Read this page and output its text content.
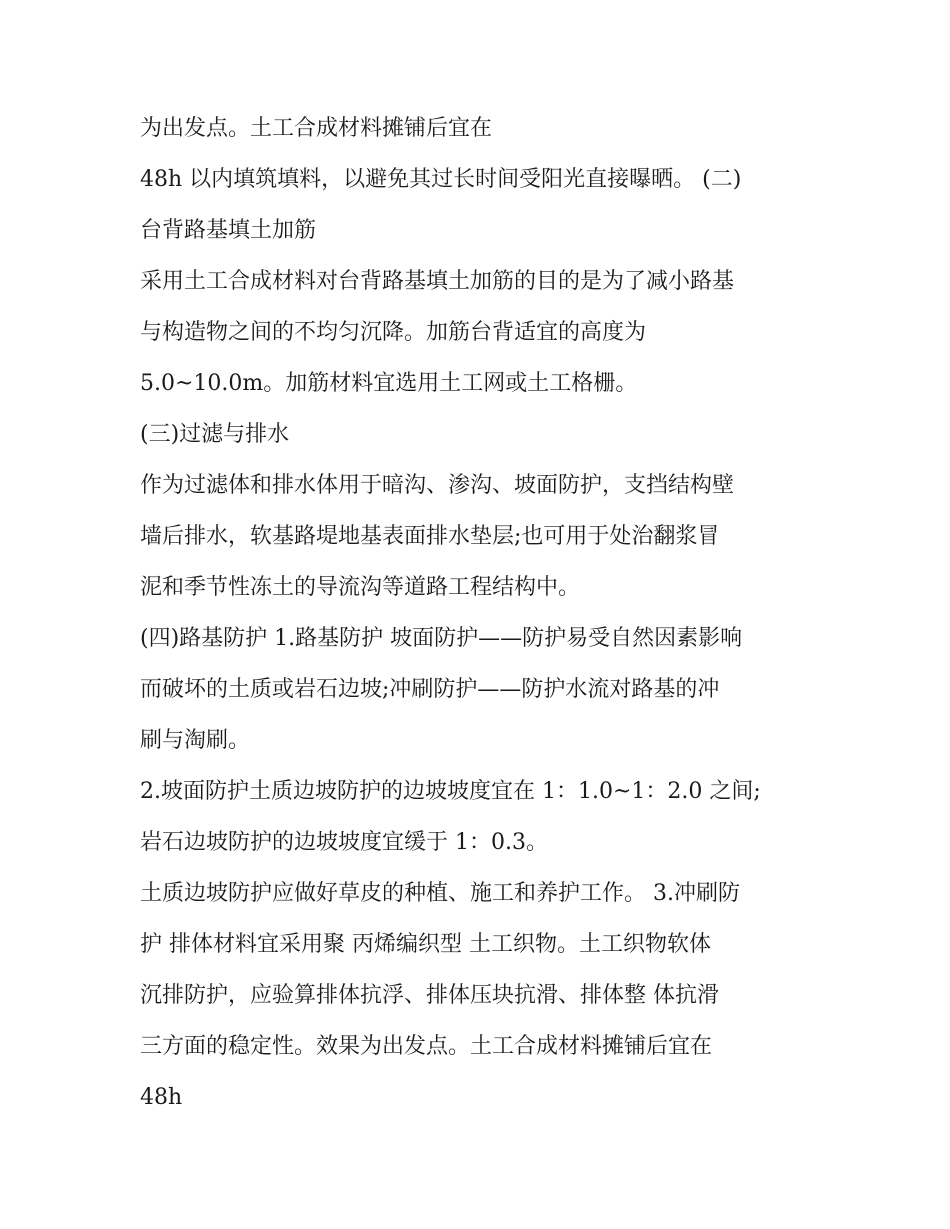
为出发点。土工合成材料摊铺后宜在
48h 以内填筑填料，以避免其过长时间受阳光直接曝晒。 (二)
台背路基填土加筋
采用土工合成材料对台背路基填土加筋的目的是为了减小路基
与构造物之间的不均匀沉降。加筋台背适宜的高度为
5.0~10.0m。加筋材料宜选用土工网或土工格栅。
(三)过滤与排水
作为过滤体和排水体用于暗沟、渗沟、坡面防护，支挡结构壁
墙后排水，软基路堤地基表面排水垫层;也可用于处治翻浆冒
泥和季节性冻土的导流沟等道路工程结构中。
(四)路基防护 1.路基防护 坡面防护——防护易受自然因素影响
而破坏的土质或岩石边坡;冲刷防护——防护水流对路基的冲
刷与淘刷。
2.坡面防护土质边坡防护的边坡坡度宜在 1：1.0~1：2.0 之间;
岩石边坡防护的边坡坡度宜缓于 1：0.3。
土质边坡防护应做好草皮的种植、施工和养护工作。 3.冲刷防
护 排体材料宜采用聚 丙烯编织型 土工织物。土工织物软体
沉排防护，应验算排体抗浮、排体压块抗滑、排体整 体抗滑
三方面的稳定性。效果为出发点。土工合成材料摊铺后宜在
48h
